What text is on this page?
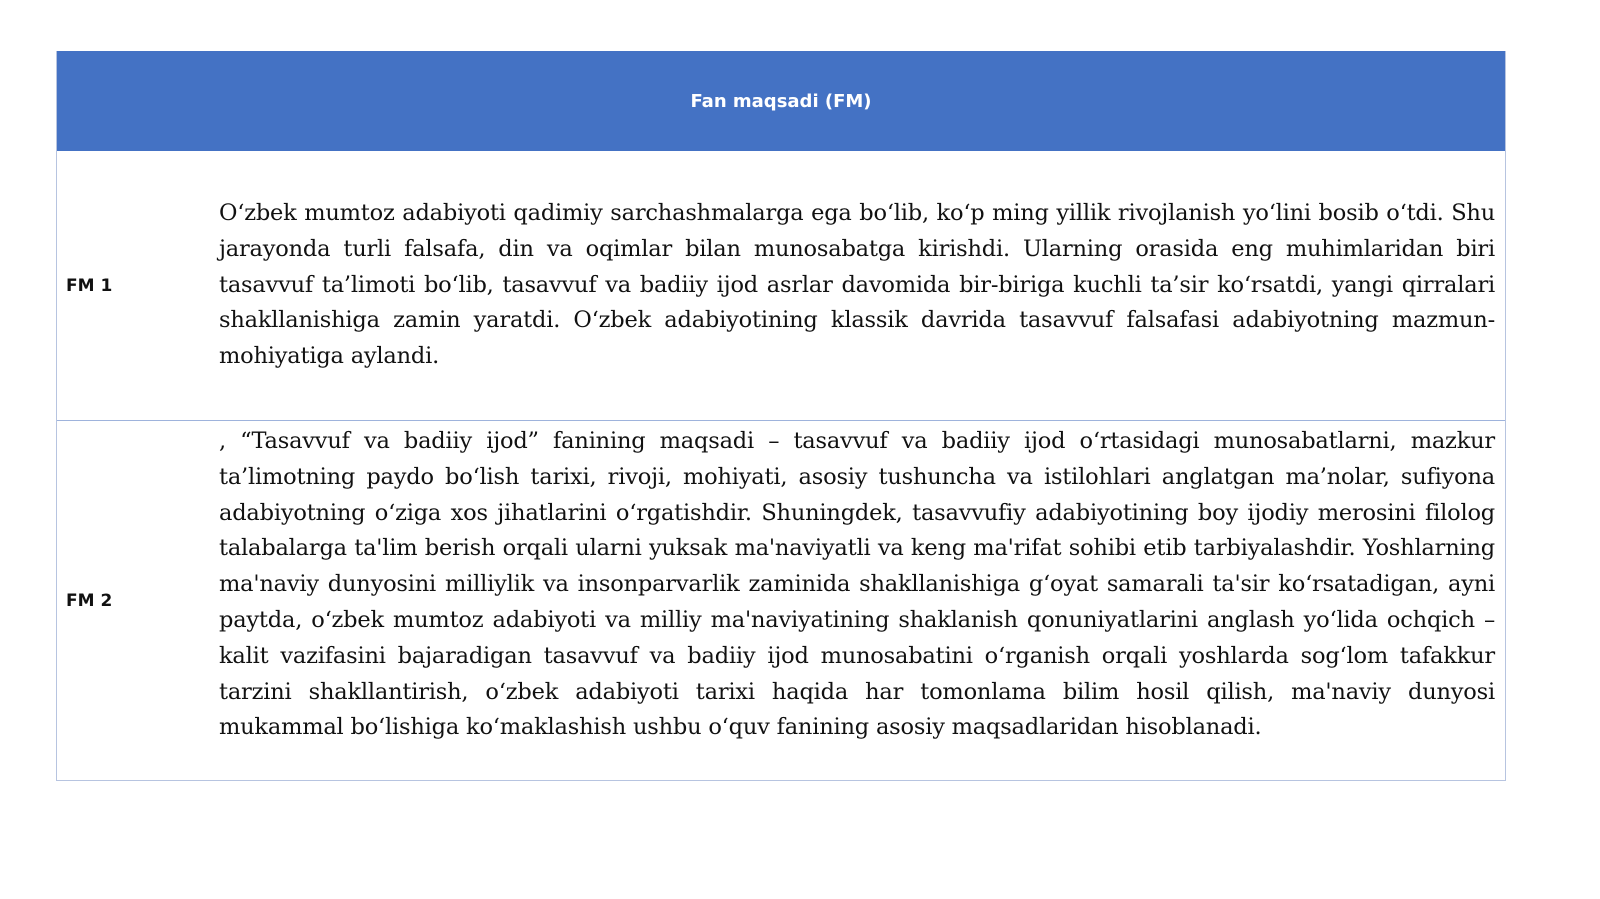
Fan maqsadi (FM)
FM 1

O‘zbek mumtoz adabiyoti qadimiy sarchashmalarga ega bo‘lib, ko‘p ming yillik rivojlanish yo‘lini bosib o‘tdi. Shu jarayonda turli falsafa, din va oqimlar bilan munosabatga kirishdi. Ularning orasida eng muhimlaridan biri tasavvuf ta’limoti bo‘lib, tasavvuf va badiiy ijod asrlar davomida bir-biriga kuchli ta’sir ko‘rsatdi, yangi qirralari shakllanishiga zamin yaratdi. O‘zbek adabiyotining klassik davrida tasavvuf falsafasi adabiyotning mazmun-mohiyatiga aylandi.

FM 2

, “Tasavvuf va badiiy ijod” fanining maqsadi – tasavvuf va badiiy ijod o‘rtasidagi munosabatlarni, mazkur ta’limotning paydo bo‘lish tarixi, rivoji, mohiyati, asosiy tushuncha va istilohlari anglatgan ma’nolar, sufiyona adabiyotning o‘ziga xos jihatlarini o‘rgatishdir. Shuningdek, tasavvufiy adabiyotining boy ijodiy merosini filolog talabalarga ta'lim berish orqali ularni yuksak ma'naviyatli va keng ma'rifat sohibi etib tarbiyalashdir. Yoshlarning ma'naviy dunyosini milliylik va insonparvarlik zaminida shakllanishiga g‘oyat samarali ta'sir ko‘rsatadigan, ayni paytda, o‘zbek mumtoz adabiyoti va milliy ma'naviyatining shaklanish qonuniyatlarini anglash yo‘lida ochqich – kalit vazifasini bajaradigan tasavvuf va badiiy ijod munosabatini o‘rganish orqali yoshlarda sog‘lom tafakkur tarzini shakllantirish, o‘zbek adabiyoti tarixi haqida har tomonlama bilim hosil qilish, ma'naviy dunyosi mukammal bo‘lishiga ko‘maklashish ushbu o‘quv fanining asosiy maqsadlaridan hisoblanadi.
